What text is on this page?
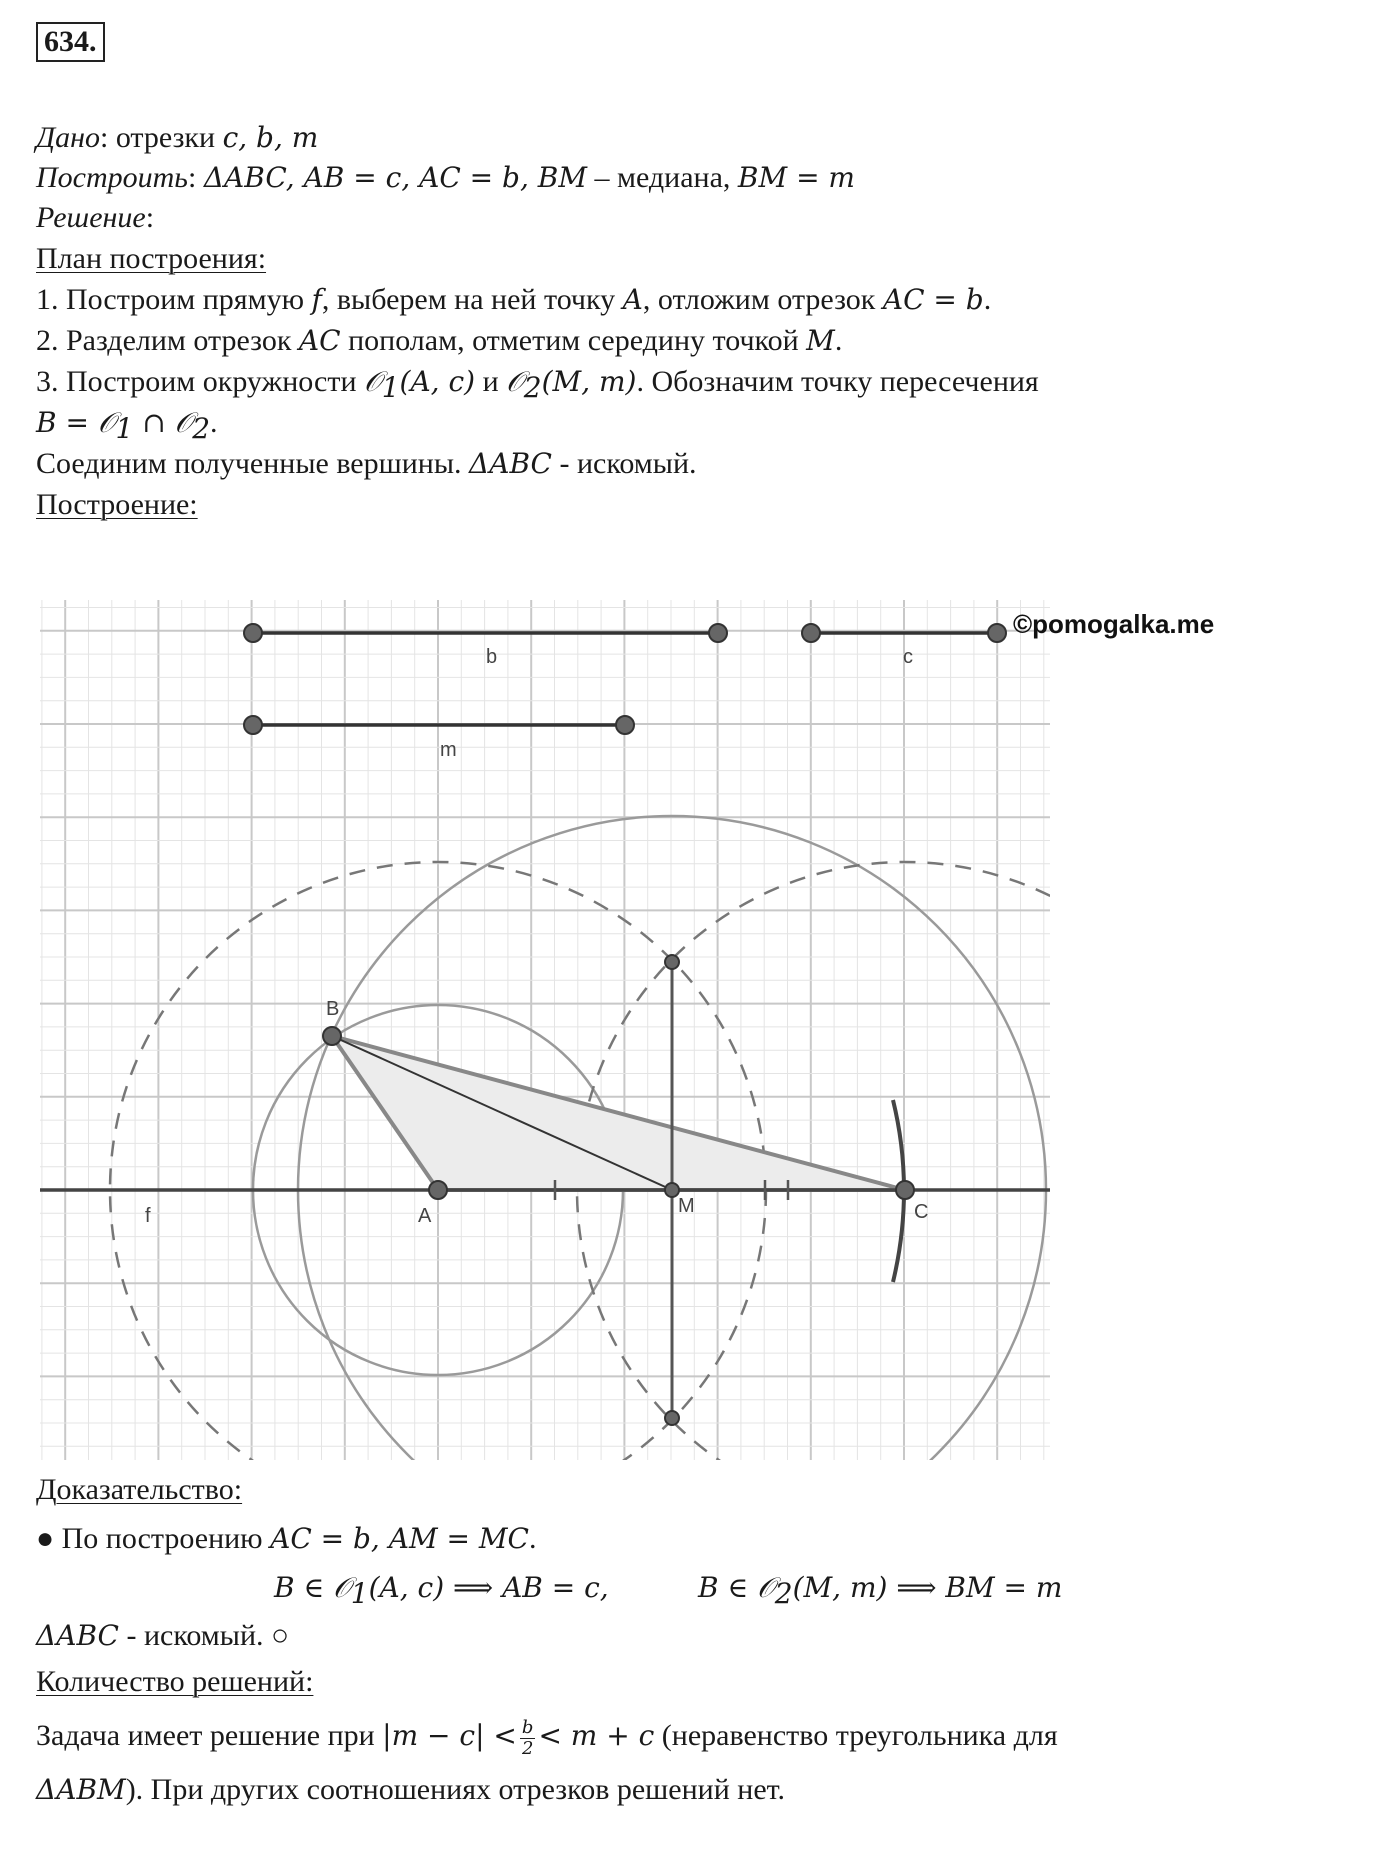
634.
Дано: отрезки c, b, m
Построить: ΔABC, AB = c, AC = b, BM – медиана, BM = m
Решение:
План построения:
1. Построим прямую f, выберем на ней точку A, отложим отрезок AC = b.
2. Разделим отрезок AC пополам, отметим середину точкой M.
3. Построим окружности 𝒪$_1$(A, c) и 𝒪$_2$(M, m). Обозначим точку пересечения
B = 𝒪$_1$ ∩ 𝒪$_2$.
Соединим полученные вершины. ΔABC - искомый.
Построение:
b	c
m
B
A	M	C
f
©pomogalka.me
Доказательство:
● По построению AC = b, AM = MC.
B ∈ 𝒪$_1$(A, c) ⟹ AB = c,	B ∈ 𝒪$_2$(M, m) ⟹ BM = m
ΔABC - искомый. ○
Количество решений:
Задача имеет решение при $|m - c| < \frac{b}{2} < m + c$ (неравенство треугольника для
ΔABM). При других соотношениях отрезков решений нет.
